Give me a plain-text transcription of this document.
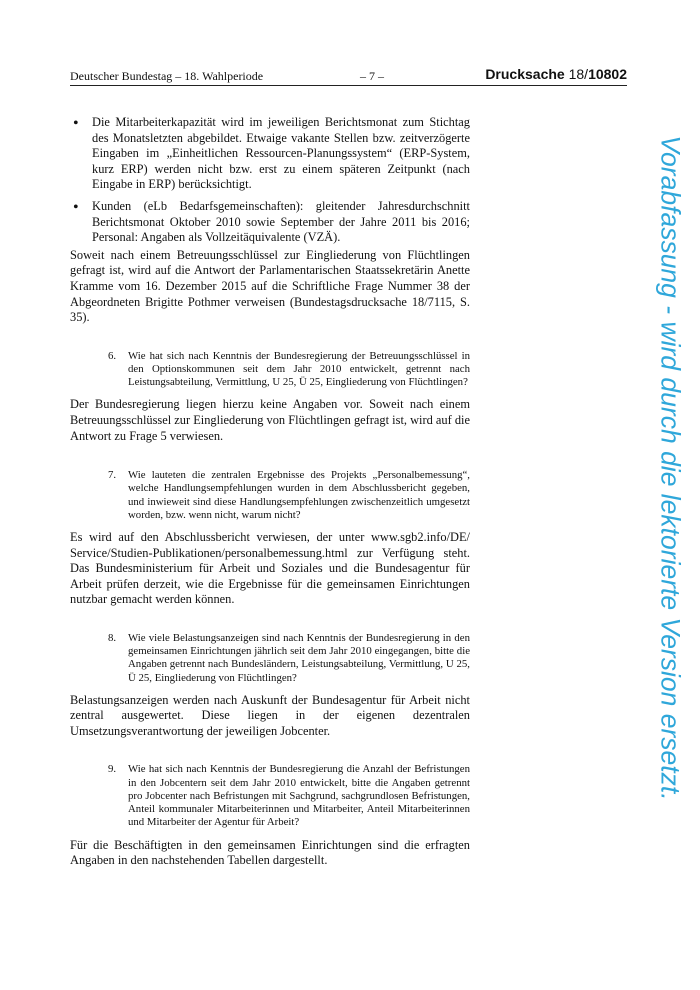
Deutscher Bundestag – 18. Wahlperiode	– 7 –	Drucksache 18/10802
• Die Mitarbeiterkapazität wird im jeweiligen Berichtsmonat zum Stichtag des Monatsletzten abgebildet. Etwaige vakante Stellen bzw. zeitverzögerte Eingaben im „Einheitlichen Ressourcen-Planungssystem“ (ERP-System, kurz ERP) werden nicht bzw. erst zu einem späteren Zeitpunkt (nach Eingabe in ERP) berücksichtigt.

• Kunden (eLb Bedarfsgemeinschaften): gleitender Jahresdurchschnitt Berichtsmonat Oktober 2010 sowie September der Jahre 2011 bis 2016; Personal: Angaben als Vollzeitäquivalente (VZÄ).

Soweit nach einem Betreuungsschlüssel zur Eingliederung von Flüchtlingen gefragt ist, wird auf die Antwort der Parlamentarischen Staatssekretärin Anette Kramme vom 16. Dezember 2015 auf die Schriftliche Frage Nummer 38 der Abgeordneten Brigitte Pothmer verweisen (Bundestagsdrucksache 18/7115, S. 35).

6. Wie hat sich nach Kenntnis der Bundesregierung der Betreuungsschlüssel in den Optionskommunen seit dem Jahr 2010 entwickelt, getrennt nach Leistungsabteilung, Vermittlung, U 25, Ü 25, Eingliederung von Flüchtlingen?

Der Bundesregierung liegen hierzu keine Angaben vor. Soweit nach einem Betreuungsschlüssel zur Eingliederung von Flüchtlingen gefragt ist, wird auf die Antwort zu Frage 5 verwiesen.

7. Wie lauteten die zentralen Ergebnisse des Projekts „Personalbemessung“, welche Handlungsempfehlungen wurden in dem Abschlussbericht gegeben, und inwieweit sind diese Handlungsempfehlungen zwischenzeitlich umgesetzt worden, bzw. wenn nicht, warum nicht?

Es wird auf den Abschlussbericht verwiesen, der unter www.sgb2.info/DE/ Service/Studien-Publikationen/personalbemessung.html zur Verfügung steht. Das Bundesministerium für Arbeit und Soziales und die Bundesagentur für Arbeit prüfen derzeit, wie die Ergebnisse für die gemeinsamen Einrichtungen nutzbar gemacht werden können.

8. Wie viele Belastungsanzeigen sind nach Kenntnis der Bundesregierung in den gemeinsamen Einrichtungen jährlich seit dem Jahr 2010 eingegangen, bitte die Angaben getrennt nach Bundesländern, Leistungsabteilung, Vermittlung, U 25, Ü 25, Eingliederung von Flüchtlingen?

Belastungsanzeigen werden nach Auskunft der Bundesagentur für Arbeit nicht zentral ausgewertet. Diese liegen in der eigenen dezentralen Umsetzungsverantwortung der jeweiligen Jobcenter.

9. Wie hat sich nach Kenntnis der Bundesregierung die Anzahl der Befristungen in den Jobcentern seit dem Jahr 2010 entwickelt, bitte die Angaben getrennt pro Jobcenter nach Befristungen mit Sachgrund, sachgrundlosen Befristungen, Anteil kommunaler Mitarbeiterinnen und Mitarbeiter, Anteil Mitarbeiterinnen und Mitarbeiter der Agentur für Arbeit?

Für die Beschäftigten in den gemeinsamen Einrichtungen sind die erfragten Angaben in den nachstehenden Tabellen dargestellt.

Vorabfassung - wird durch die lektorierte Version ersetzt.
